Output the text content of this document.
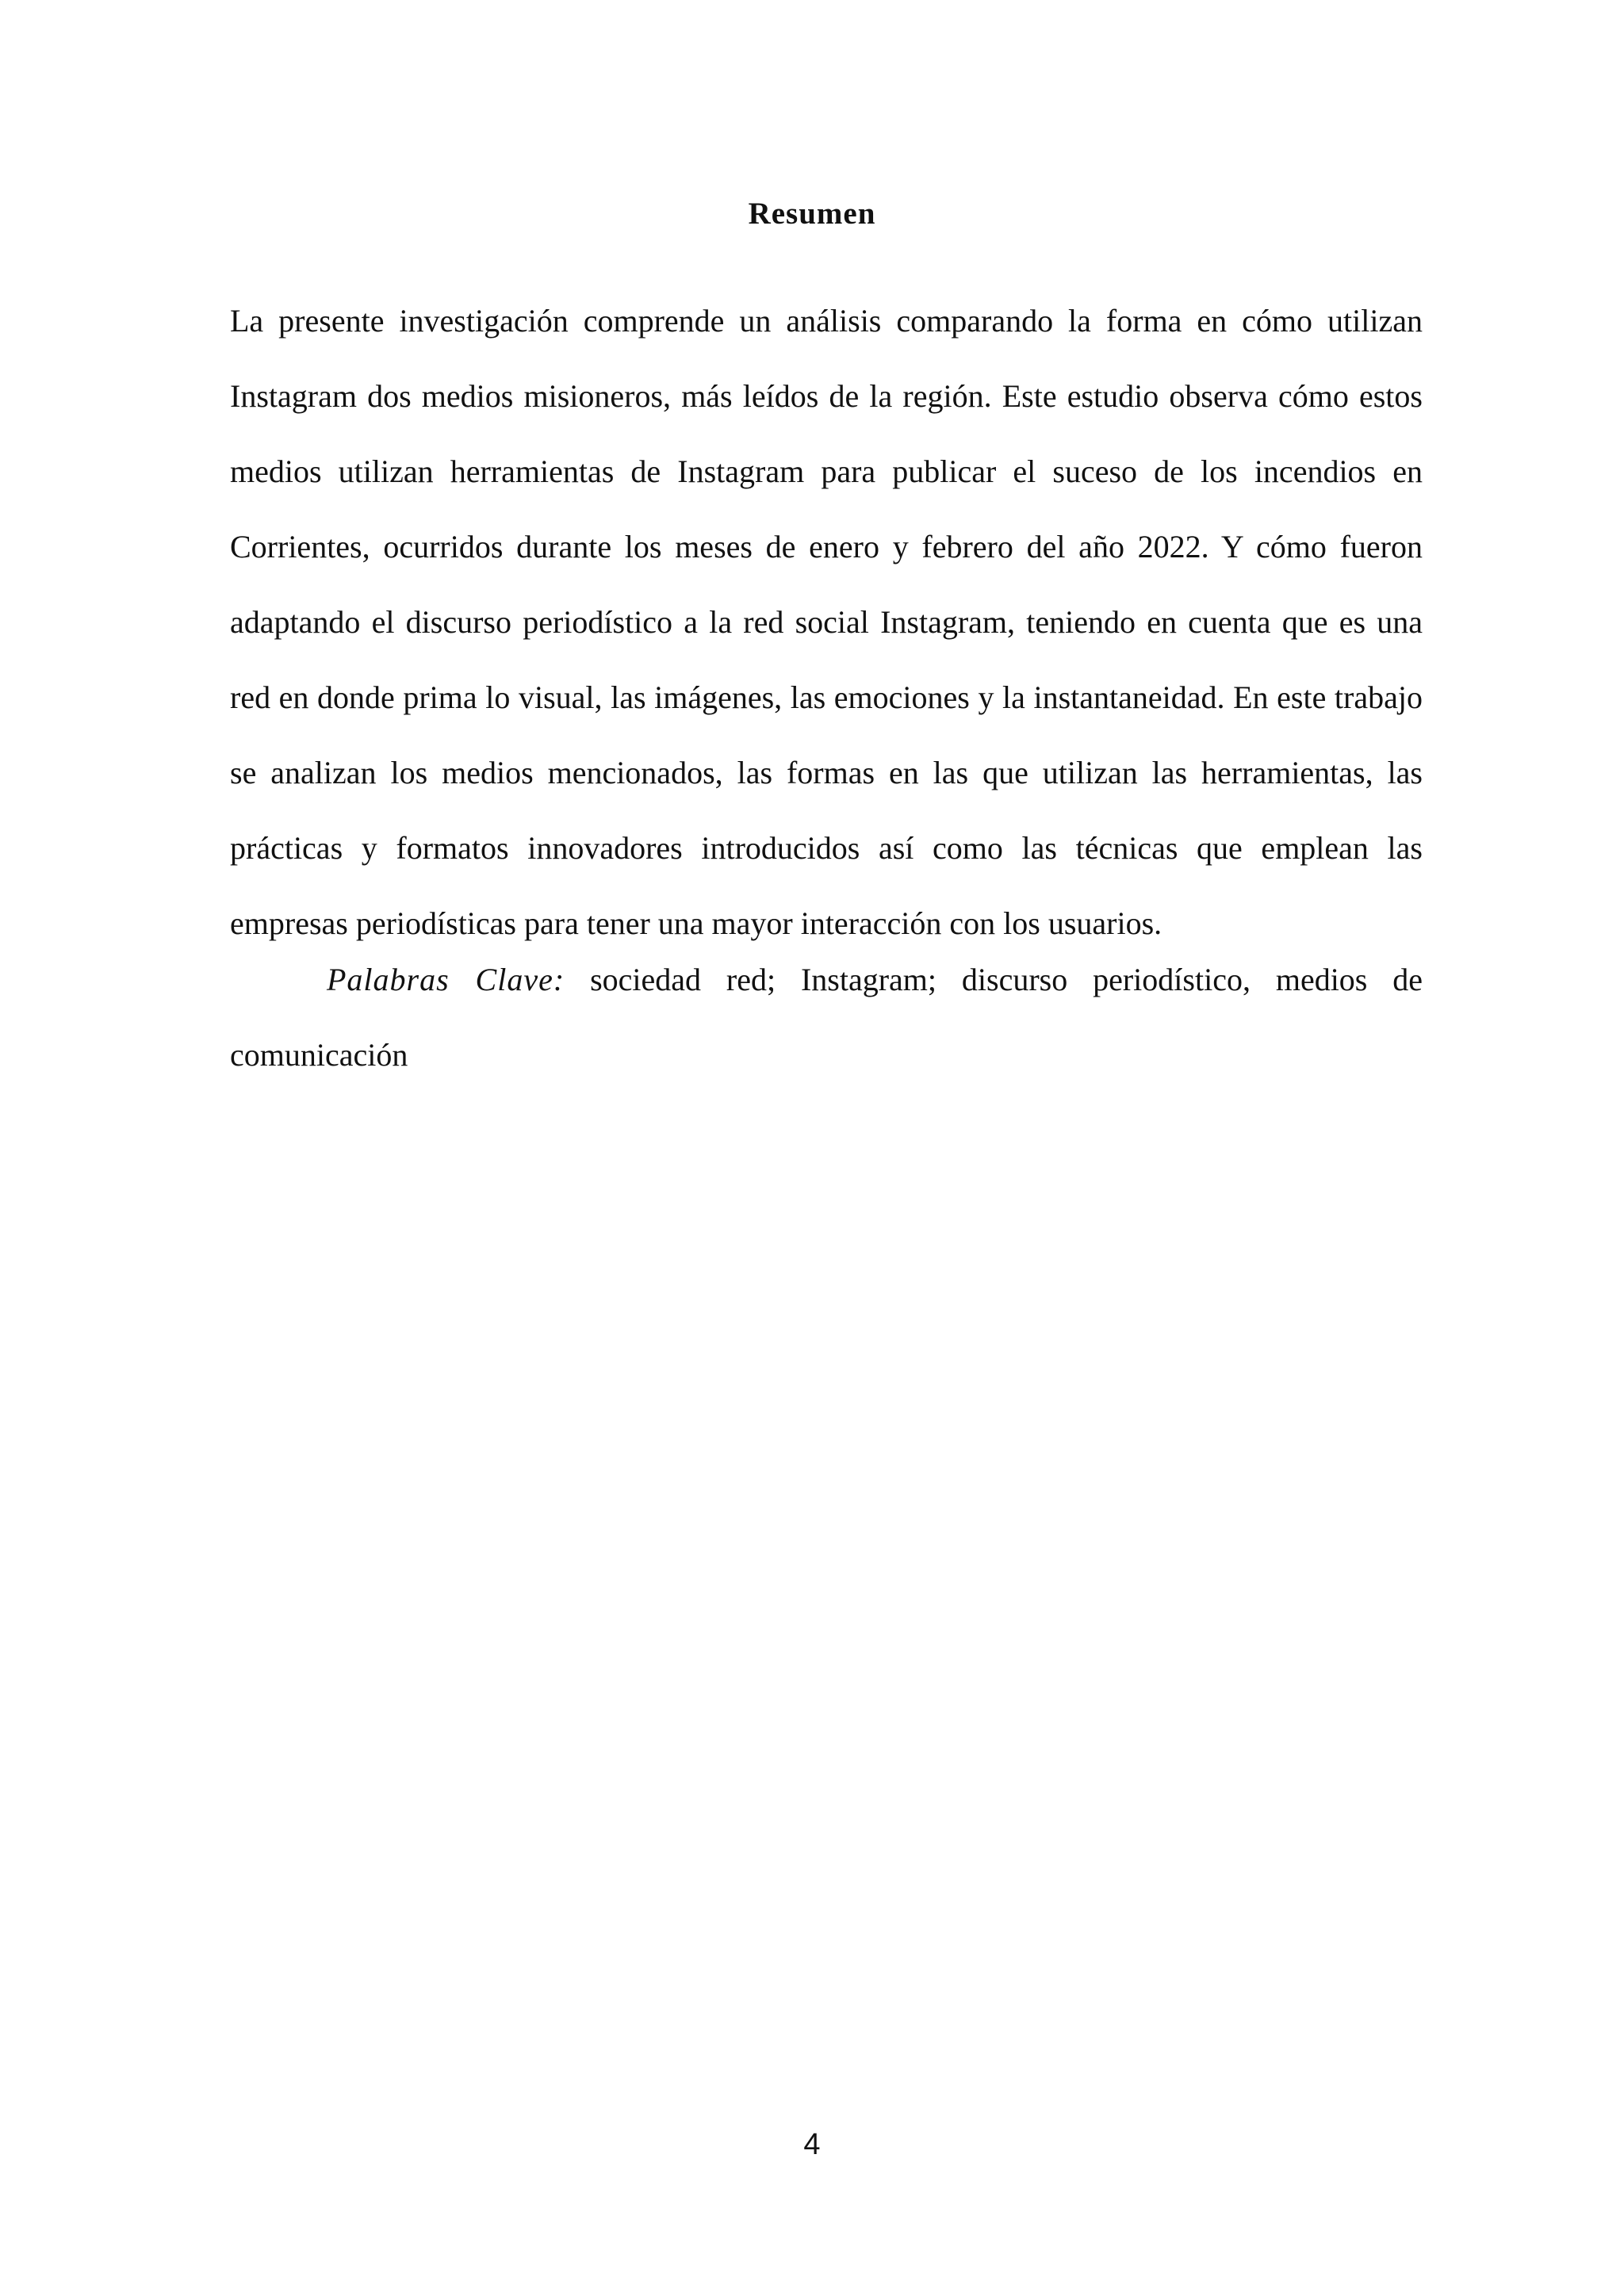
Resumen

La presente investigación comprende un análisis comparando la forma en cómo utilizan Instagram dos medios misioneros, más leídos de la región. Este estudio observa cómo estos medios utilizan herramientas de Instagram para publicar el suceso de los incendios en Corrientes, ocurridos durante los meses de enero y febrero del año 2022. Y cómo fueron adaptando el discurso periodístico a la red social Instagram, teniendo en cuenta que es una red en donde prima lo visual, las imágenes, las emociones y la instantaneidad. En este trabajo se analizan los medios mencionados, las formas en las que utilizan las herramientas, las prácticas y formatos innovadores introducidos así como las técnicas que emplean las empresas periodísticas para tener una mayor interacción con los usuarios.

Palabras Clave: sociedad red; Instagram; discurso periodístico, medios de comunicación

4
